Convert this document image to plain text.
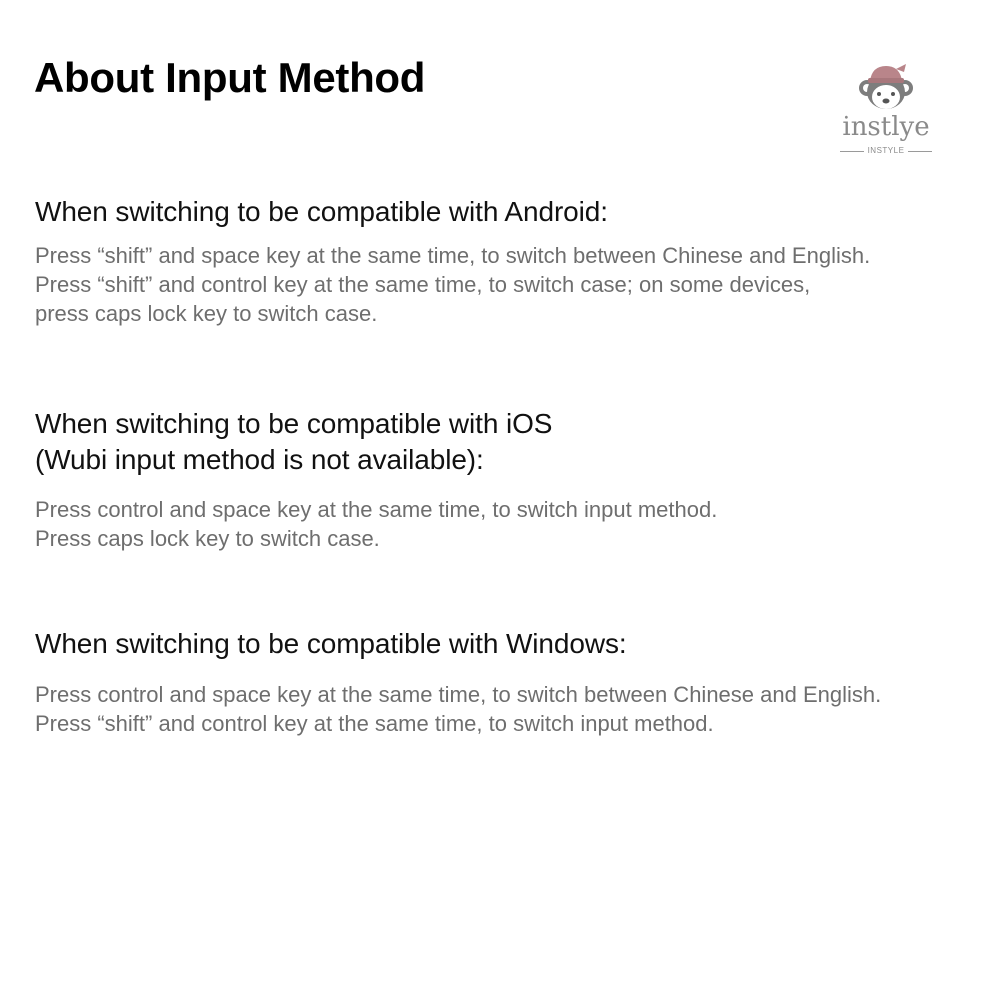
About Input Method
instlye
INSTYLE
When switching to be compatible with Android:

Press “shift” and space key at the same time, to switch between Chinese and English.

Press “shift” and control key at the same time, to switch case; on some devices,

press caps lock key to switch case.

When switching to be compatible with iOS
(Wubi input method is not available):

Press control and space key at the same time, to switch input method.

Press caps lock key to switch case.

When switching to be compatible with Windows:

Press control and space key at the same time, to switch between Chinese and English.

Press “shift” and control key at the same time, to switch input method.
